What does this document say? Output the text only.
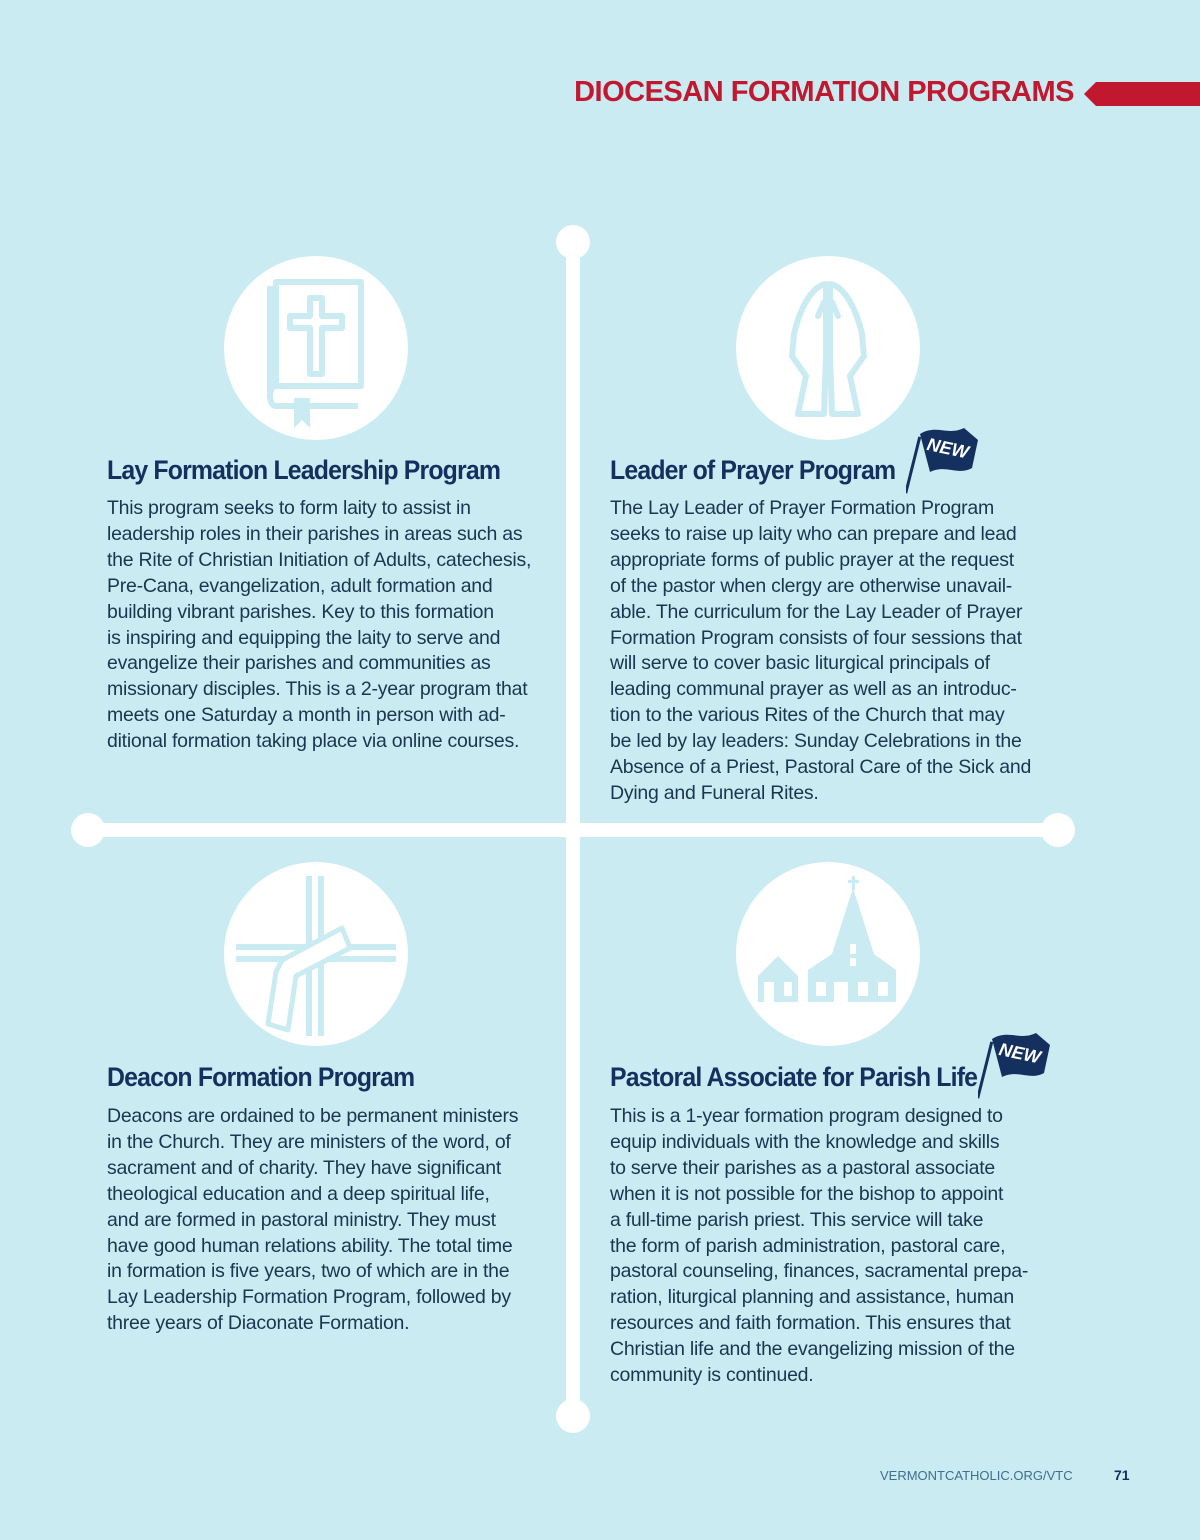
DIOCESAN FORMATION PROGRAMS
Lay Formation Leadership Program
This program seeks to form laity to assist in
leadership roles in their parishes in areas such as
the Rite of Christian Initiation of Adults, catechesis,
Pre-Cana, evangelization, adult formation and
building vibrant parishes. Key to this formation
is inspiring and equipping the laity to serve and
evangelize their parishes and communities as
missionary disciples. This is a 2-year program that
meets one Saturday a month in person with ad-
ditional formation taking place via online courses.
Leader of Prayer Program
NEW
The Lay Leader of Prayer Formation Program
seeks to raise up laity who can prepare and lead
appropriate forms of public prayer at the request
of the pastor when clergy are otherwise unavail-
able. The curriculum for the Lay Leader of Prayer
Formation Program consists of four sessions that
will serve to cover basic liturgical principals of
leading communal prayer as well as an introduc-
tion to the various Rites of the Church that may
be led by lay leaders: Sunday Celebrations in the
Absence of a Priest, Pastoral Care of the Sick and
Dying and Funeral Rites.
Deacon Formation Program
Deacons are ordained to be permanent ministers
in the Church. They are ministers of the word, of
sacrament and of charity. They have significant
theological education and a deep spiritual life,
and are formed in pastoral ministry. They must
have good human relations ability. The total time
in formation is five years, two of which are in the
Lay Leadership Formation Program, followed by
three years of Diaconate Formation.
Pastoral Associate for Parish Life
NEW
This is a 1-year formation program designed to
equip individuals with the knowledge and skills
to serve their parishes as a pastoral associate
when it is not possible for the bishop to appoint
a full-time parish priest. This service will take
the form of parish administration, pastoral care,
pastoral counseling, finances, sacramental prepa-
ration, liturgical planning and assistance, human
resources and faith formation. This ensures that
Christian life and the evangelizing mission of the
community is continued.
VERMONTCATHOLIC.ORG/VTC	71
